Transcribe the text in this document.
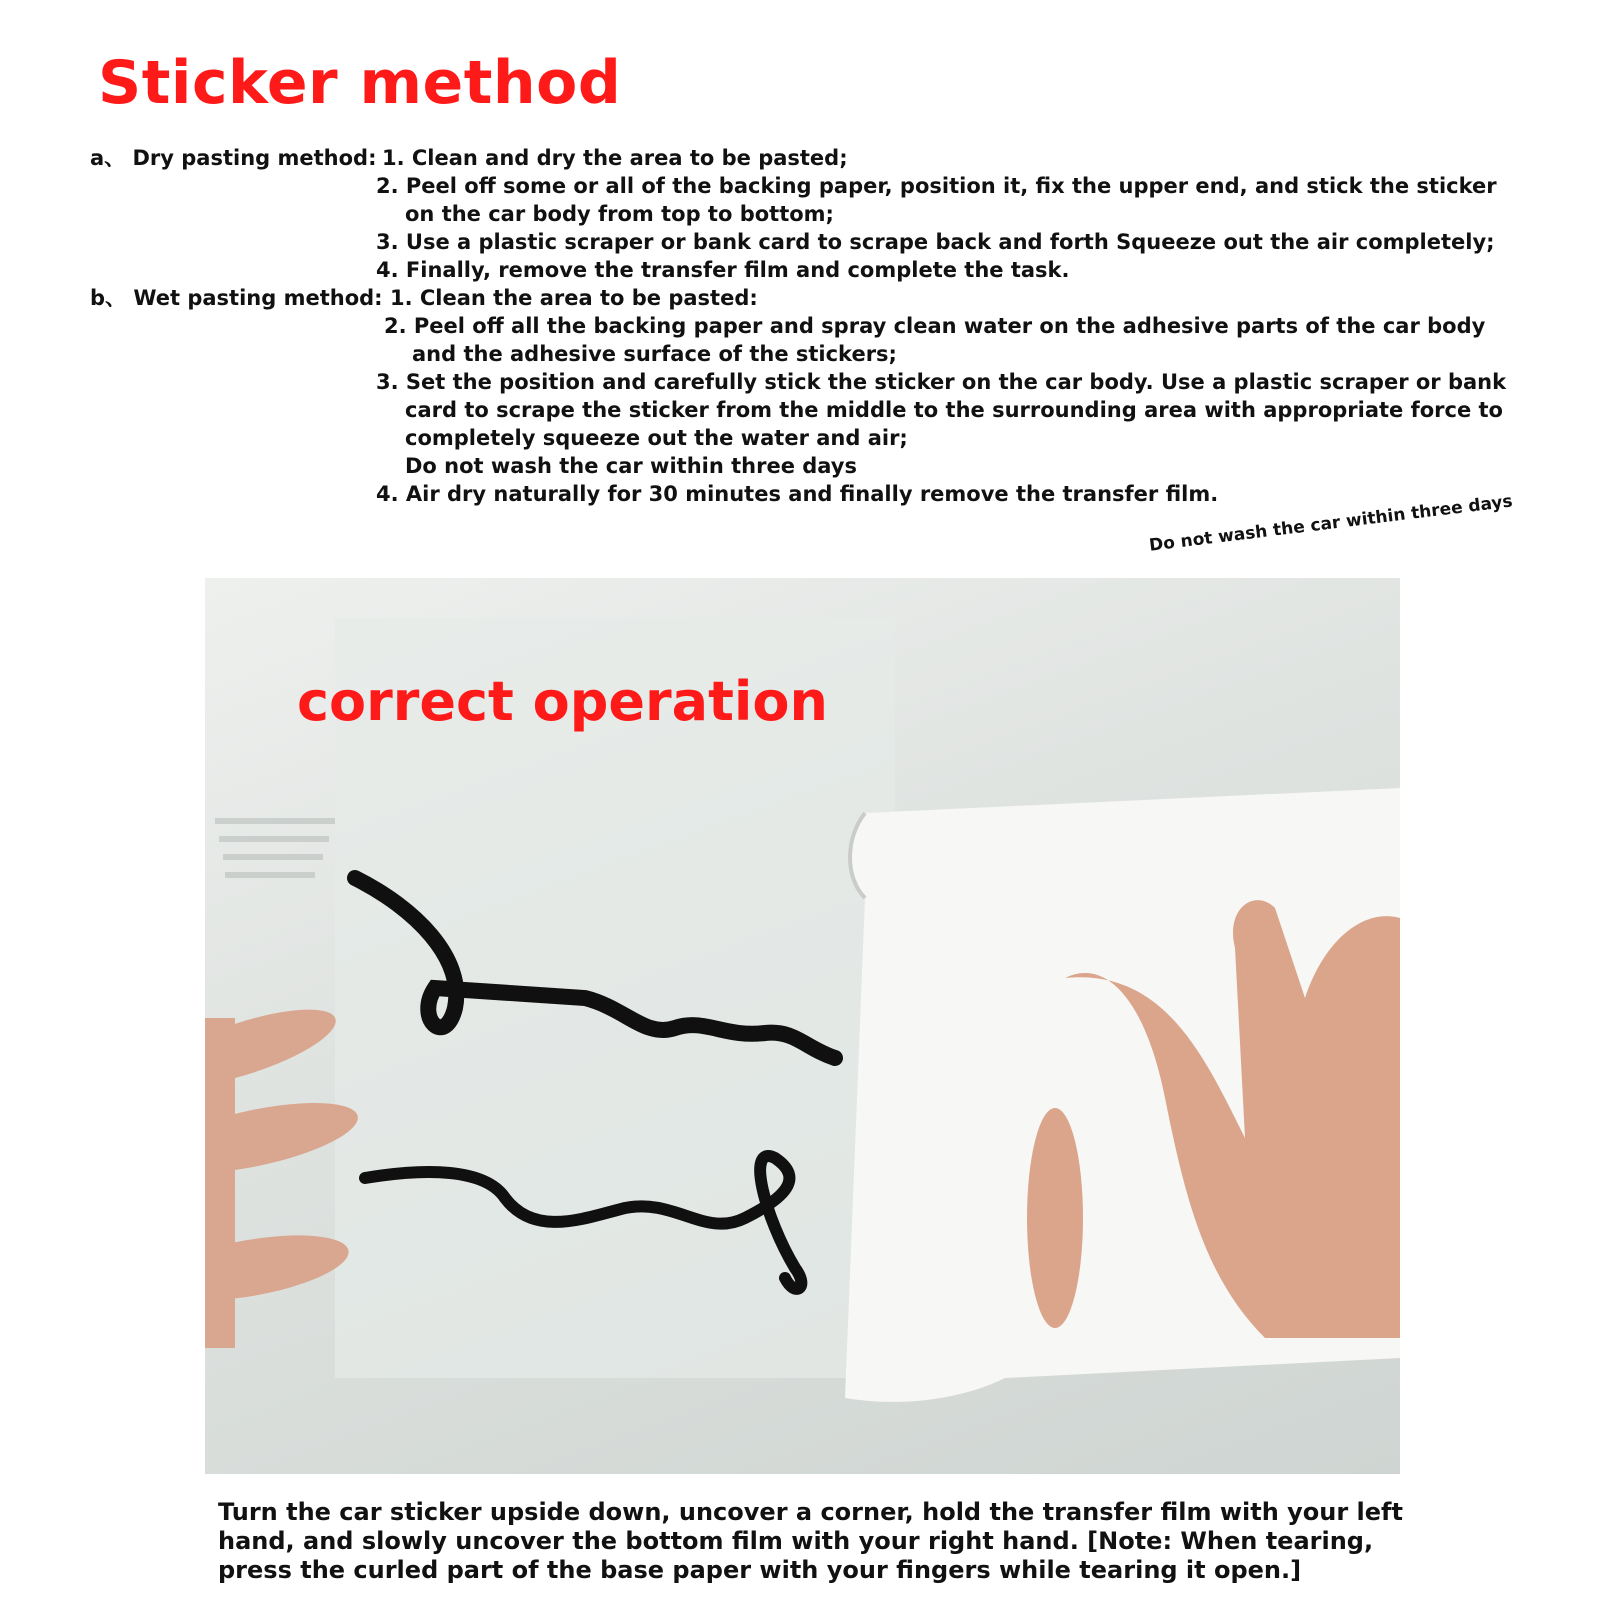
Sticker method
a、 Dry pasting method: 1. Clean and dry the area to be pasted;
2. Peel off some or all of the backing paper, position it, fix the upper end, and stick the sticker
on the car body from top to bottom;
3. Use a plastic scraper or bank card to scrape back and forth Squeeze out the air completely;
4. Finally, remove the transfer film and complete the task.
b、 Wet pasting method: 1. Clean the area to be pasted:
2. Peel off all the backing paper and spray clean water on the adhesive parts of the car body
and the adhesive surface of the stickers;
3. Set the position and carefully stick the sticker on the car body. Use a plastic scraper or bank
card to scrape the sticker from the middle to the surrounding area with appropriate force to
completely squeeze out the water and air;
Do not wash the car within three days
4. Air dry naturally for 30 minutes and finally remove the transfer film.
Do not wash the car within three days
correct operation
Turn the car sticker upside down, uncover a corner, hold the transfer film with your left
hand, and slowly uncover the bottom film with your right hand. [Note: When tearing,
press the curled part of the base paper with your fingers while tearing it open.]
